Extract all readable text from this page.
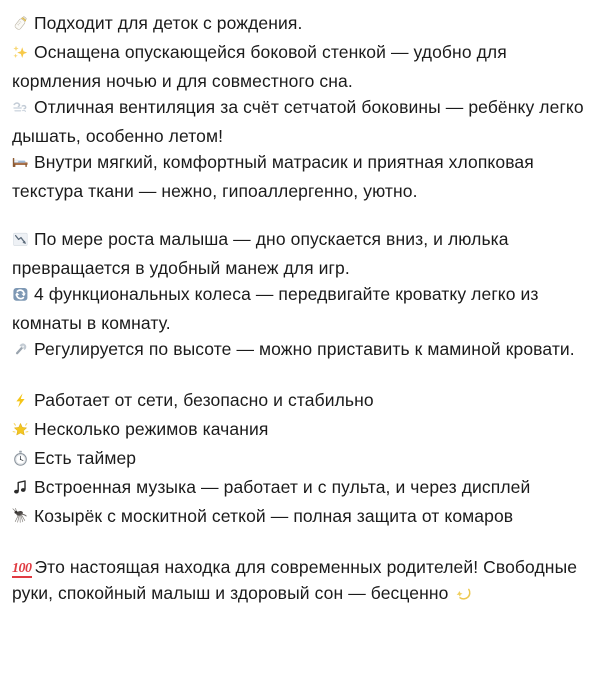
Подходит для деток с рождения.
Оснащена опускающейся боковой стенкой — удобно для кормления ночью и для совместного сна.
Отличная вентиляция за счёт сетчатой боковины — ребёнку легко дышать, особенно летом!
Внутри мягкий, комфортный матрасик и приятная хлопковая текстура ткани — нежно, гипоаллергенно, уютно.
По мере роста малыша — дно опускается вниз, и люлька превращается в удобный манеж для игр.
4 функциональных колеса — передвигайте кроватку легко из комнаты в комнату.
Регулируется по высоте — можно приставить к маминой кровати.
Работает от сети, безопасно и стабильно
Несколько режимов качания
Есть таймер
Встроенная музыка — работает и с пульта, и через дисплей
Козырёк с москитной сеткой — полная защита от комаров
100 Это настоящая находка для современных родителей! Свободные руки, спокойный малыш и здоровый сон — бесценно
